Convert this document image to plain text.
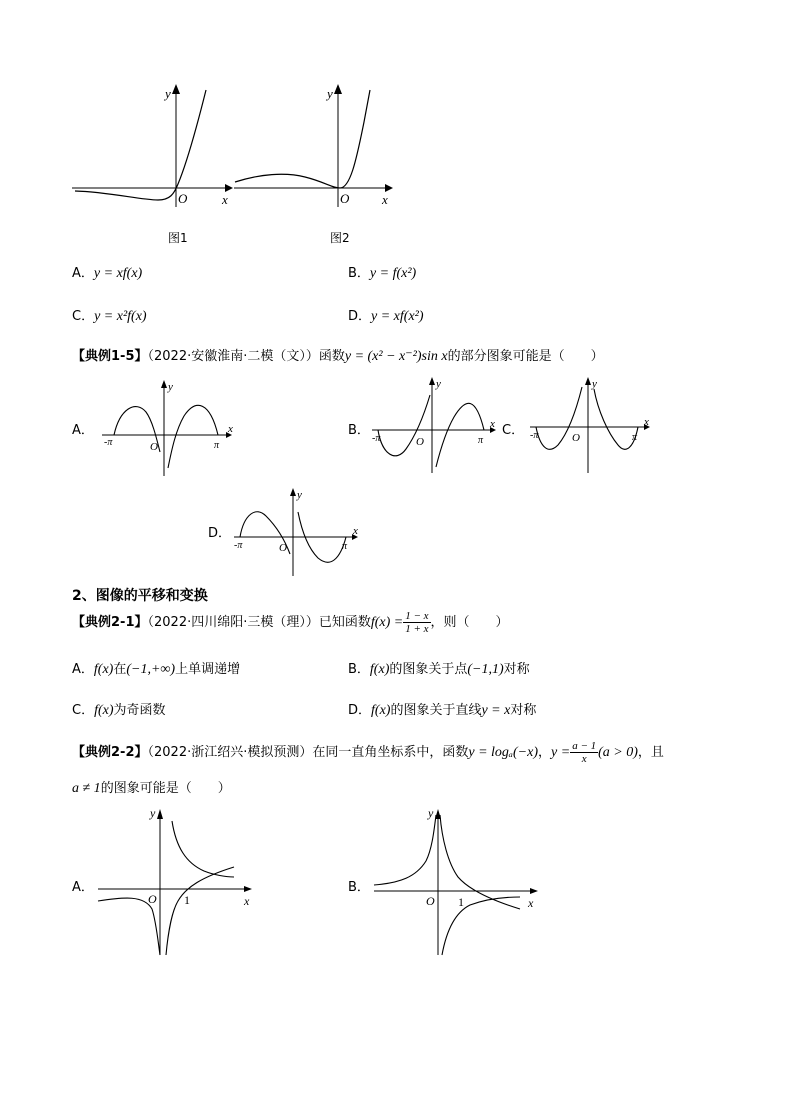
y
x
O
图1
y
x
O
图2
A．y = xf(x)	B．y = f(x²)
C．y = x²f(x)	D．y = xf(x²)
【典例1-5】（2022·安徽淮南·二模（文））函数y = (x² − x⁻²)sin x的部分图象可能是（　　）
A．
y
x
O
-π	π
B．
y
x
O
-π	π
C．
y
x
O
-π	π
D．
y
x
O
-π	π
2、图像的平移和变换
【典例2-1】（2022·四川绵阳·三模（理））已知函数$f(x) = \frac{1 - x}{1 + x}$ ，则（　　）
A．f(x)在(−1,+∞)上单调递增	B．f(x)的图象关于点(−1,1)对称
C．f(x)为奇函数	D．f(x)的图象关于直线y = x对称
【典例2-2】（2022·浙江绍兴·模拟预测）在同一直角坐标系中，函数y = logₐ(−x)，$y = \frac{a - 1}{x} (a > 0)$，且
a ≠ 1的图象可能是（　　）
A．
y
x
O 1
B．
y
x
O 1
